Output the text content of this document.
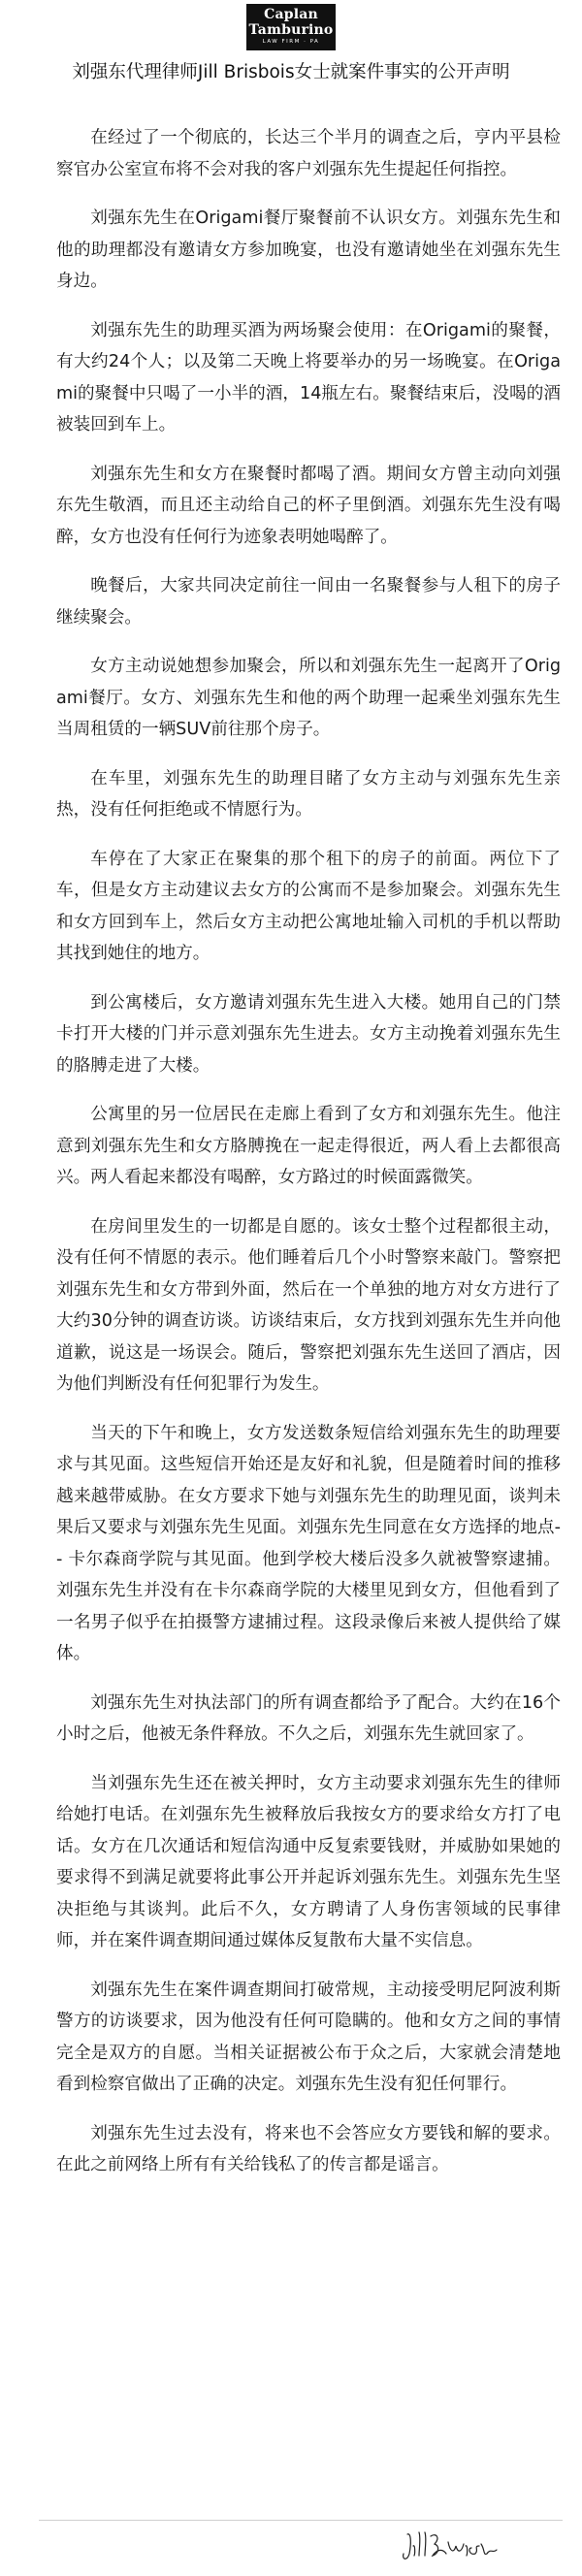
Caplan
Tamburino
LAW FIRM · PA
刘强东代理律师Jill Brisbois女士就案件事实的公开声明

在经过了一个彻底的，长达三个半月的调查之后，亨内平县检察官办公室宣布将不会对我的客户刘强东先生提起任何指控。

刘强东先生在Origami餐厅聚餐前不认识女方。刘强东先生和他的助理都没有邀请女方参加晚宴，也没有邀请她坐在刘强东先生身边。

刘强东先生的助理买酒为两场聚会使用：在Origami的聚餐，有大约24个人；以及第二天晚上将要举办的另一场晚宴。在Origami的聚餐中只喝了一小半的酒，14瓶左右。聚餐结束后，没喝的酒被装回到车上。

刘强东先生和女方在聚餐时都喝了酒。期间女方曾主动向刘强东先生敬酒，而且还主动给自己的杯子里倒酒。刘强东先生没有喝醉，女方也没有任何行为迹象表明她喝醉了。

晚餐后，大家共同决定前往一间由一名聚餐参与人租下的房子继续聚会。

女方主动说她想参加聚会，所以和刘强东先生一起离开了Origami餐厅。女方、刘强东先生和他的两个助理一起乘坐刘强东先生当周租赁的一辆SUV前往那个房子。

在车里，刘强东先生的助理目睹了女方主动与刘强东先生亲热，没有任何拒绝或不情愿行为。

车停在了大家正在聚集的那个租下的房子的前面。两位下了车，但是女方主动建议去女方的公寓而不是参加聚会。刘强东先生和女方回到车上，然后女方主动把公寓地址输入司机的手机以帮助其找到她住的地方。

到公寓楼后，女方邀请刘强东先生进入大楼。她用自己的门禁卡打开大楼的门并示意刘强东先生进去。女方主动挽着刘强东先生的胳膊走进了大楼。

公寓里的另一位居民在走廊上看到了女方和刘强东先生。他注意到刘强东先生和女方胳膊挽在一起走得很近，两人看上去都很高兴。两人看起来都没有喝醉，女方路过的时候面露微笑。

在房间里发生的一切都是自愿的。该女士整个过程都很主动，没有任何不情愿的表示。他们睡着后几个小时警察来敲门。警察把刘强东先生和女方带到外面，然后在一个单独的地方对女方进行了大约30分钟的调查访谈。访谈结束后，女方找到刘强东先生并向他道歉，说这是一场误会。随后，警察把刘强东先生送回了酒店，因为他们判断没有任何犯罪行为发生。

当天的下午和晚上，女方发送数条短信给刘强东先生的助理要求与其见面。这些短信开始还是友好和礼貌，但是随着时间的推移越来越带威胁。在女方要求下她与刘强东先生的助理见面，谈判未果后又要求与刘强东先生见面。刘强东先生同意在女方选择的地点-- 卡尔森商学院与其见面。他到学校大楼后没多久就被警察逮捕。刘强东先生并没有在卡尔森商学院的大楼里见到女方，但他看到了一名男子似乎在拍摄警方逮捕过程。这段录像后来被人提供给了媒体。

刘强东先生对执法部门的所有调查都给予了配合。大约在16个小时之后，他被无条件释放。不久之后，刘强东先生就回家了。

当刘强东先生还在被关押时，女方主动要求刘强东先生的律师给她打电话。在刘强东先生被释放后我按女方的要求给女方打了电话。女方在几次通话和短信沟通中反复索要钱财，并威胁如果她的要求得不到满足就要将此事公开并起诉刘强东先生。刘强东先生坚决拒绝与其谈判。此后不久，女方聘请了人身伤害领域的民事律师，并在案件调查期间通过媒体反复散布大量不实信息。

刘强东先生在案件调查期间打破常规，主动接受明尼阿波利斯警方的访谈要求，因为他没有任何可隐瞒的。他和女方之间的事情完全是双方的自愿。当相关证据被公布于众之后，大家就会清楚地看到检察官做出了正确的决定。刘强东先生没有犯任何罪行。

刘强东先生过去没有，将来也不会答应女方要钱和解的要求。在此之前网络上所有有关给钱私了的传言都是谣言。
